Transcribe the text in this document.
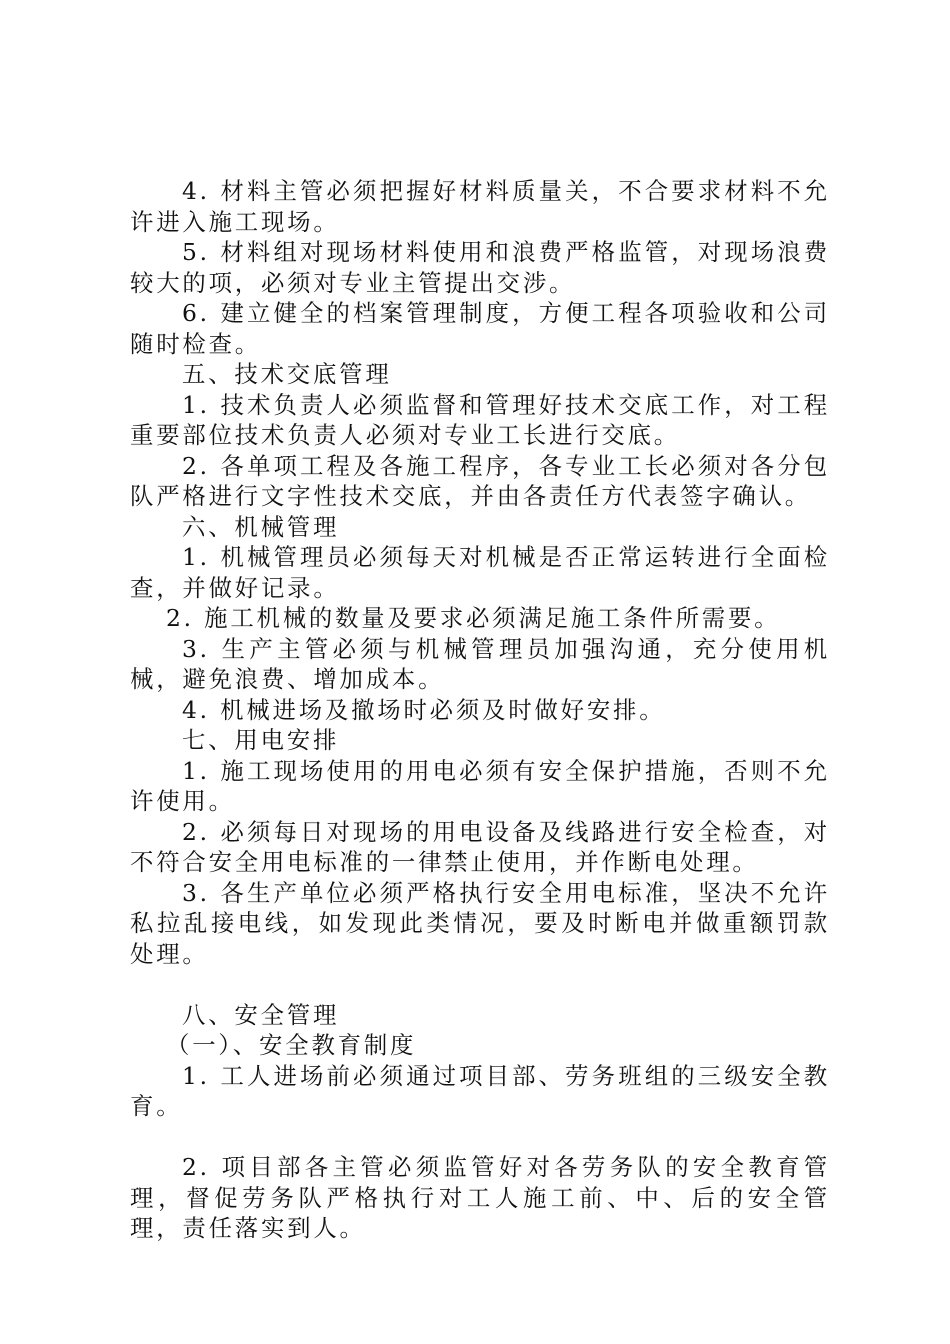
4. 材料主管必须把握好材料质量关，不合要求材料不允许进入施工现场。

5. 材料组对现场材料使用和浪费严格监管，对现场浪费较大的项，必须对专业主管提出交涉。

6. 建立健全的档案管理制度，方便工程各项验收和公司随时检查。

五、技术交底管理

1. 技术负责人必须监督和管理好技术交底工作，对工程重要部位技术负责人必须对专业工长进行交底。

2. 各单项工程及各施工程序，各专业工长必须对各分包队严格进行文字性技术交底，并由各责任方代表签字确认。

六、机械管理

1. 机械管理员必须每天对机械是否正常运转进行全面检查，并做好记录。

2. 施工机械的数量及要求必须满足施工条件所需要。

3. 生产主管必须与机械管理员加强沟通，充分使用机械，避免浪费、增加成本。

4. 机械进场及撤场时必须及时做好安排。

七、用电安排

1. 施工现场使用的用电必须有安全保护措施，否则不允许使用。

2. 必须每日对现场的用电设备及线路进行安全检查，对不符合安全用电标准的一律禁止使用，并作断电处理。

3. 各生产单位必须严格执行安全用电标准，坚决不允许私拉乱接电线，如发现此类情况，要及时断电并做重额罚款处理。

八、安全管理

（一）、安全教育制度

1. 工人进场前必须通过项目部、劳务班组的三级安全教育。

2. 项目部各主管必须监管好对各劳务队的安全教育管理，督促劳务队严格执行对工人施工前、中、后的安全管理，责任落实到人。
